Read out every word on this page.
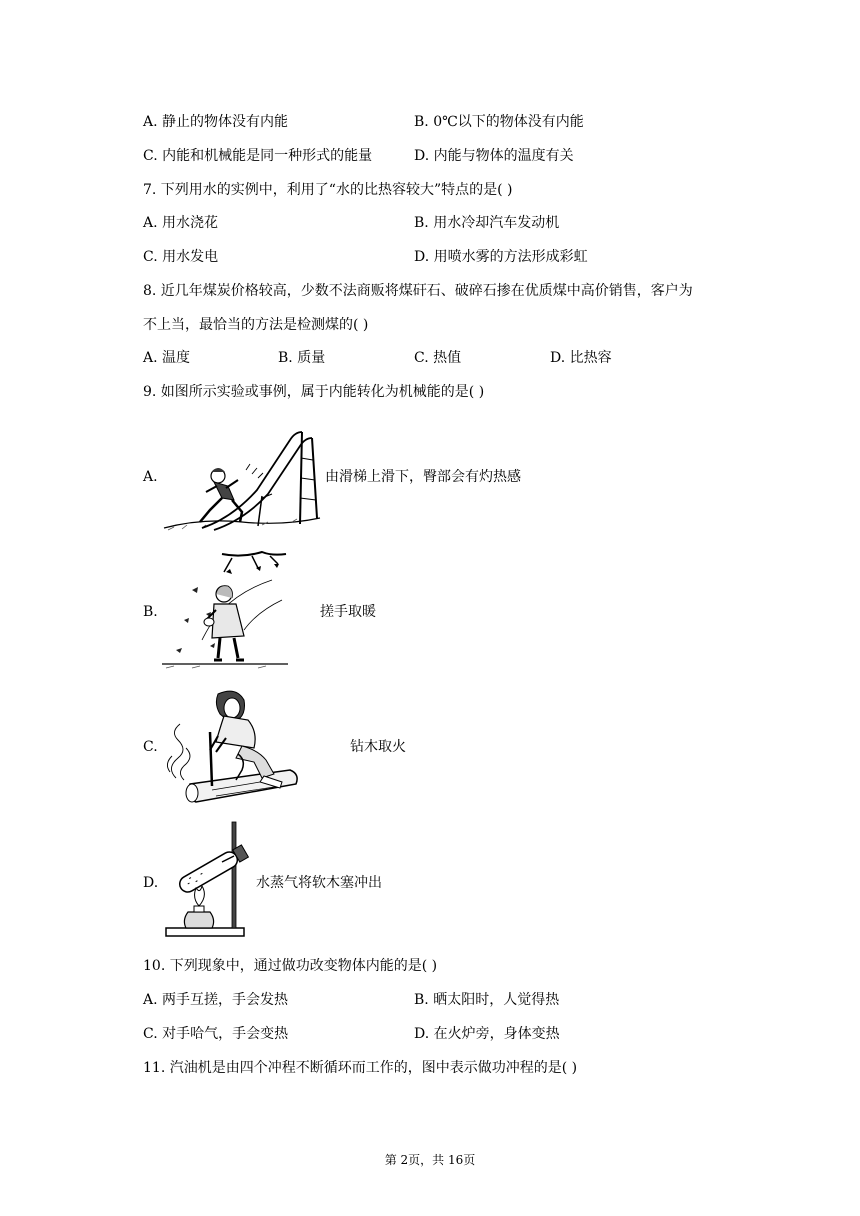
A. 静止的物体没有内能	B. 0℃以下的物体没有内能
C. 内能和机械能是同一种形式的能量	D. 内能与物体的温度有关
7. 下列用水的实例中，利用了“水的比热容较大”特点的是( )
A. 用水浇花	B. 用水冷却汽车发动机
C. 用水发电	D. 用喷水雾的方法形成彩虹
8. 近几年煤炭价格较高，少数不法商贩将煤矸石、破碎石掺在优质煤中高价销售，客户为
不上当，最恰当的方法是检测煤的( )
A. 温度	B. 质量	C. 热值	D. 比热容
9. 如图所示实验或事例，属于内能转化为机械能的是( )
A.	由滑梯上滑下，臀部会有灼热感
B.	搓手取暖
C.	钻木取火
D.	水蒸气将软木塞冲出
10. 下列现象中，通过做功改变物体内能的是( )
A. 两手互搓，手会发热	B. 晒太阳时，人觉得热
C. 对手哈气，手会变热	D. 在火炉旁，身体变热
11. 汽油机是由四个冲程不断循环而工作的，图中表示做功冲程的是( )
第 2页，共 16页
